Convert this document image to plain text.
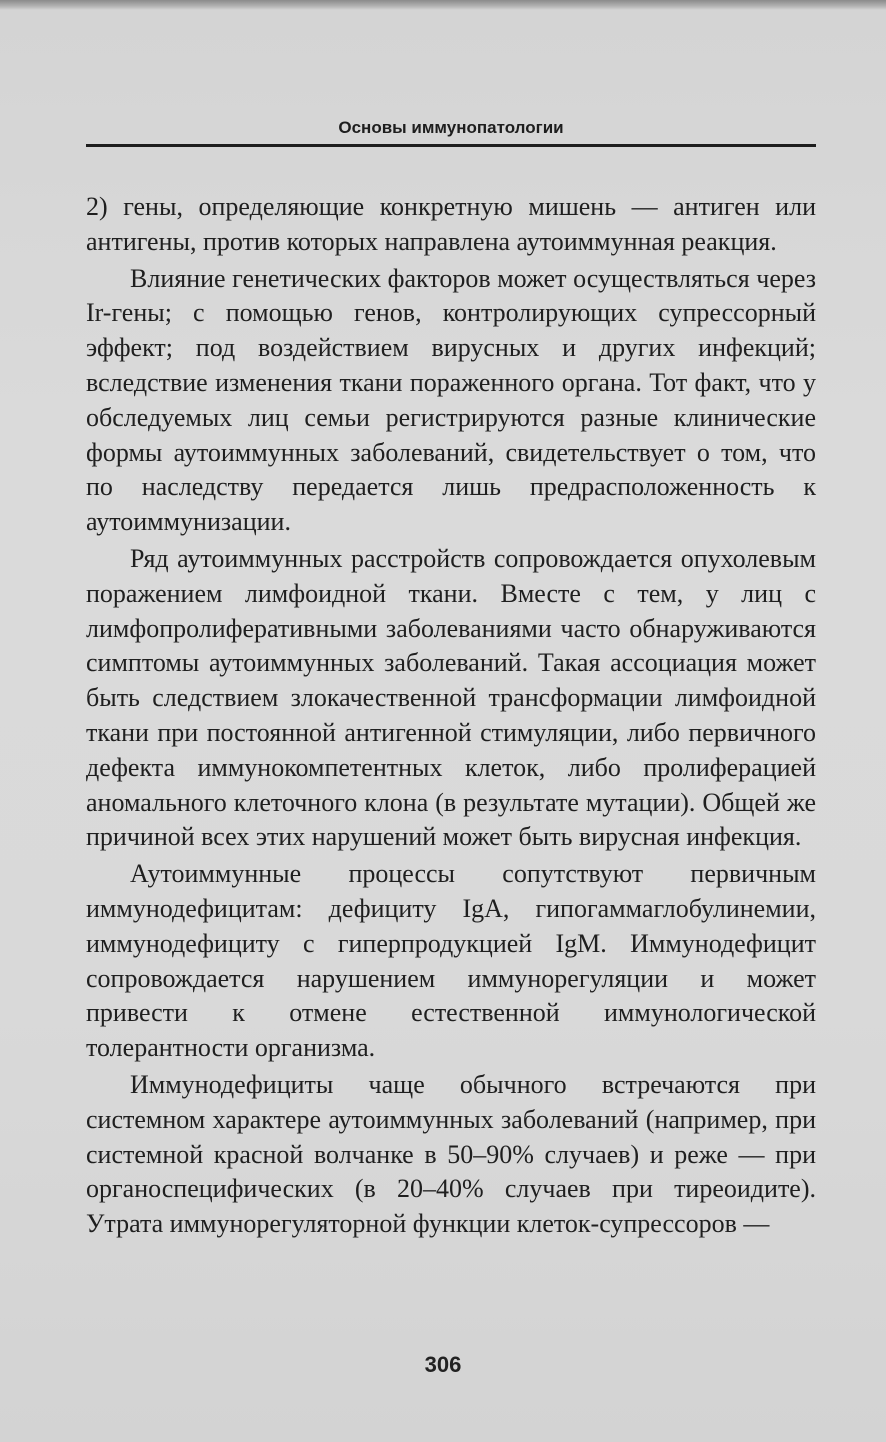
Основы иммунопатологии

2) гены, определяющие конкретную мишень — антиген или антигены, против которых направлена аутоиммунная реакция.

Влияние генетических факторов может осуществляться через Ir-гены; с помощью генов, контролирующих супрессорный эффект; под воздействием вирусных и других инфекций; вследствие изменения ткани пораженного органа. Тот факт, что у обследуемых лиц семьи регистрируются разные клинические формы аутоиммунных заболеваний, свидетельствует о том, что по наследству передается лишь предрасположенность к аутоиммунизации.

Ряд аутоиммунных расстройств сопровождается опухолевым поражением лимфоидной ткани. Вместе с тем, у лиц с лимфопролиферативными заболеваниями часто обнаруживаются симптомы аутоиммунных заболеваний. Такая ассоциация может быть следствием злокачественной трансформации лимфоидной ткани при постоянной антигенной стимуляции, либо первичного дефекта иммунокомпетентных клеток, либо пролиферацией аномального клеточного клона (в результате мутации). Общей же причиной всех этих нарушений может быть вирусная инфекция.

Аутоиммунные процессы сопутствуют первичным иммунодефицитам: дефициту IgA, гипогаммаглобулинемии, иммунодефициту с гиперпродукцией IgM. Иммунодефицит сопровождается нарушением иммунорегуляции и может привести к отмене естественной иммунологической толерантности организма.

Иммунодефициты чаще обычного встречаются при системном характере аутоиммунных заболеваний (например, при системной красной волчанке в 50–90% случаев) и реже — при органоспецифических (в 20–40% случаев при тиреоидите). Утрата иммунорегуляторной функции клеток-супрессоров —

306
